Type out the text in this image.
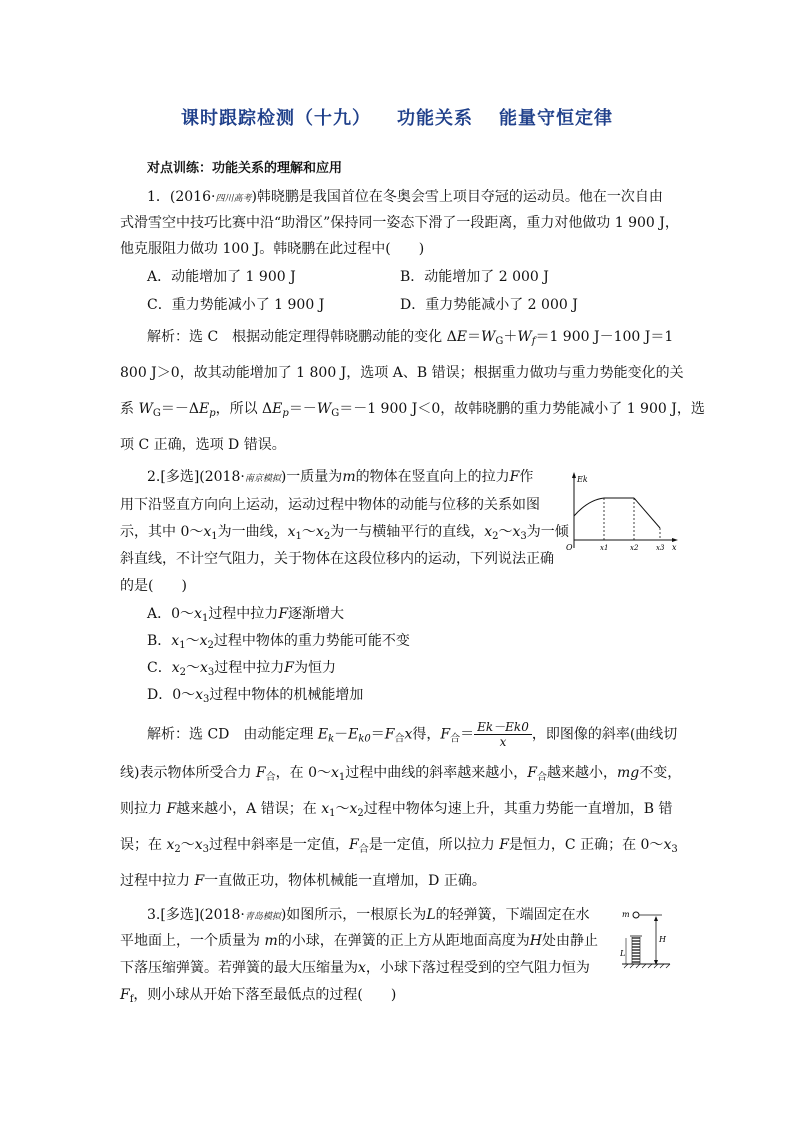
课时跟踪检测（十九） 功能关系 能量守恒定律
对点训练：功能关系的理解和应用
1．(2016·四川高考)韩晓鹏是我国首位在冬奥会雪上项目夺冠的运动员。他在一次自由
式滑雪空中技巧比赛中沿“助滑区”保持同一姿态下滑了一段距离，重力对他做功 1 900 J，
他克服阻力做功 100 J。韩晓鹏在此过程中(　　)
A．动能增加了 1 900 J	B．动能增加了 2 000 J
C．重力势能减小了 1 900 J	D．重力势能减小了 2 000 J
解析：选 C　根据动能定理得韩晓鹏动能的变化 $\Delta E=W_G+W_f=1$ 900 J－100 J＝1
800 J＞0，故其动能增加了 1 800 J，选项 A、B 错误；根据重力做功与重力势能变化的关
系 $W_G=-\Delta E_p$，所以 $\Delta E_p=-W_G=-1$ 900 J＜0，故韩晓鹏的重力势能减小了 1 900 J，选
项 C 正确，选项 D 错误。
2.[多选](2018·南京模拟)一质量为m的物体在竖直向上的拉力F作
用下沿竖直方向向上运动，运动过程中物体的动能与位移的关系如图
示，其中 $0\sim x_1$为一曲线，$x_1\sim x_2$为一与横轴平行的直线，$x_2\sim x_3$为一倾
斜直线，不计空气阻力，关于物体在这段位移内的运动，下列说法正确
的是(　　)
A．$0\sim x_1$过程中拉力F逐渐增大
B．$x_1\sim x_2$过程中物体的重力势能可能不变
C．$x_2\sim x_3$过程中拉力F为恒力
D．$0\sim x_3$过程中物体的机械能增加
解析：选 CD　由动能定理 $E_k-E_{k0}=F_合x$得，$F_合= \frac{Ek-Ek0}{x}$ ，即图像的斜率(曲线切
线)表示物体所受合力 $F_合$，在 $0\sim x_1$过程中曲线的斜率越来越小，$F_合$越来越小，mg不变，
则拉力 F越来越小，A 错误；在 $x_1\sim x_2$过程中物体匀速上升，其重力势能一直增加，B 错
误；在 $x_2\sim x_3$过程中斜率是一定值，$F_合$是一定值，所以拉力 F是恒力，C 正确；在 $0\sim x_3$
过程中拉力 F一直做正功，物体机械能一直增加，D 正确。
Ek
O	x
x1	x2	x3
3.[多选](2018·青岛模拟)如图所示，一根原长为L的轻弹簧，下端固定在水
平地面上，一个质量为 m的小球，在弹簧的正上方从距地面高度为H处由静止
下落压缩弹簧。若弹簧的最大压缩量为x，小球下落过程受到的空气阻力恒为
$F_f$，则小球从开始下落至最低点的过程(　　)
m
H
L
